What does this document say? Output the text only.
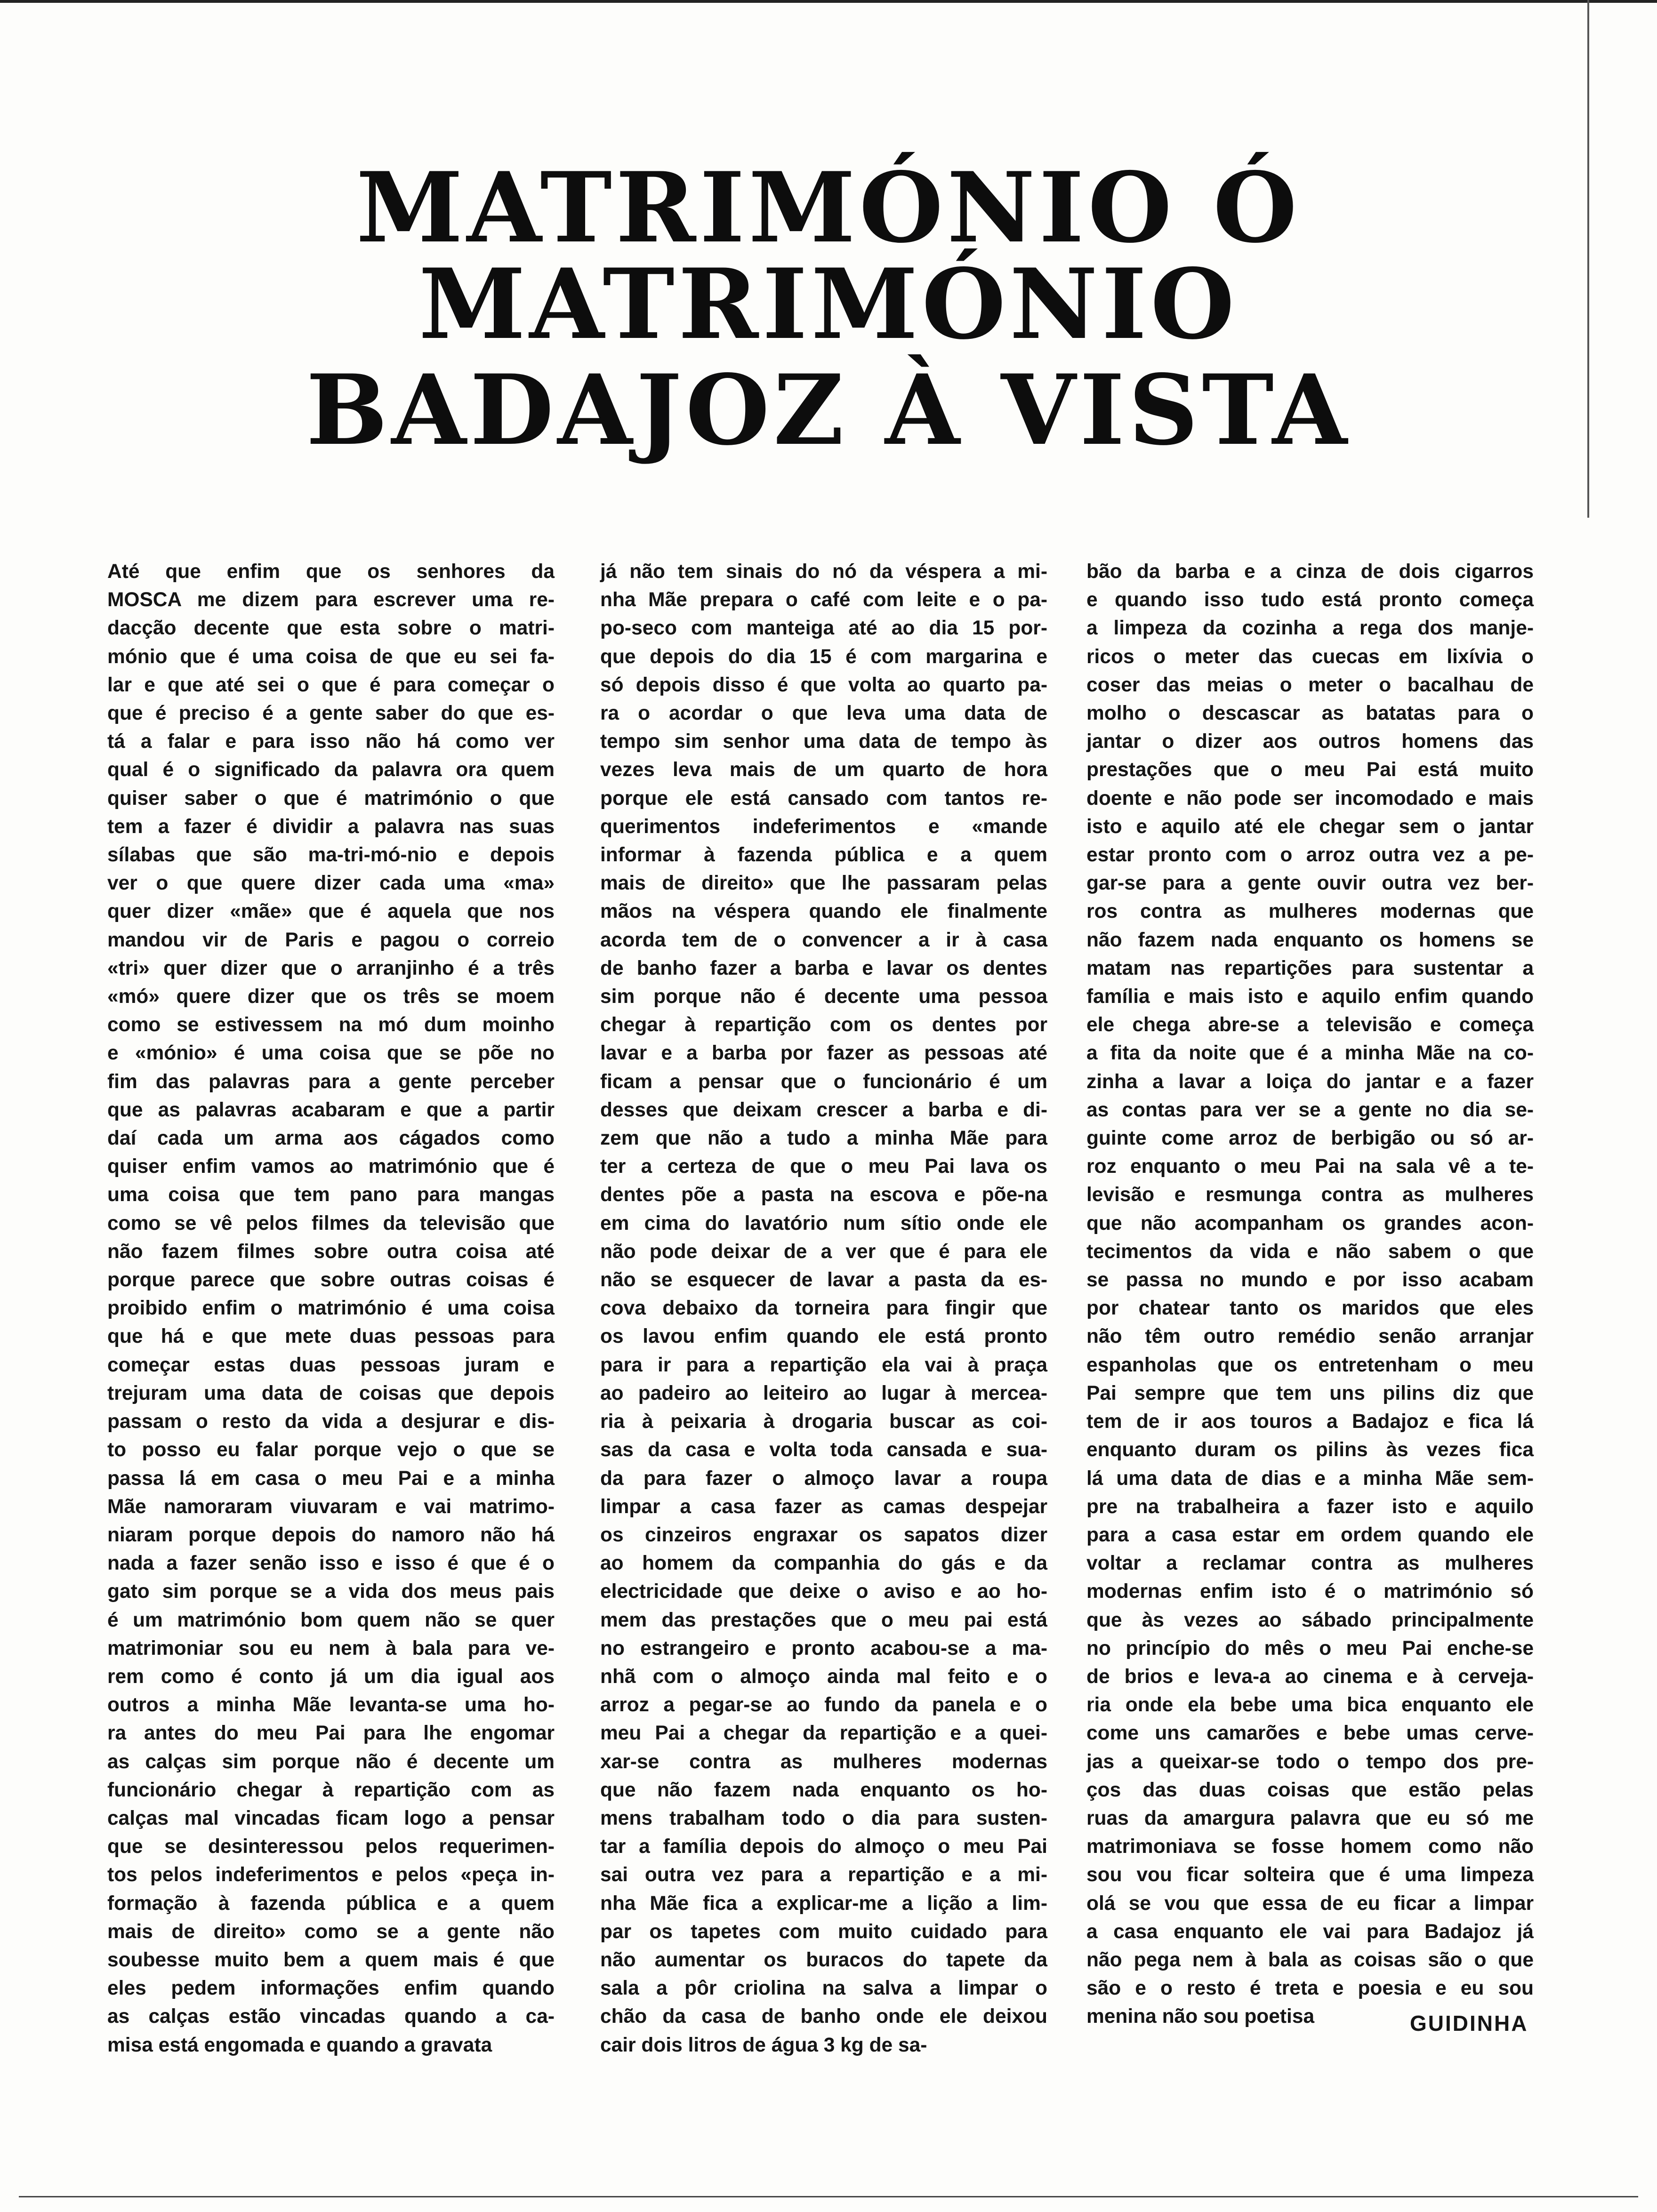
MATRIMÓNIO Ó MATRIMÓNIO
BADAJOZ À VISTA

Até que enfim que os senhores da

MOSCA me dizem para escrever uma re-

dacção decente que esta sobre o matri-

mónio que é uma coisa de que eu sei fa-

lar e que até sei o que é para começar o

que é preciso é a gente saber do que es-

tá a falar e para isso não há como ver

qual é o significado da palavra ora quem

quiser saber o que é matrimónio o que

tem a fazer é dividir a palavra nas suas

sílabas que são ma-tri-mó-nio e depois

ver o que quere dizer cada uma «ma»

quer dizer «mãe» que é aquela que nos

mandou vir de Paris e pagou o correio

«tri» quer dizer que o arranjinho é a três

«mó» quere dizer que os três se moem

como se estivessem na mó dum moinho

e «mónio» é uma coisa que se põe no

fim das palavras para a gente perceber

que as palavras acabaram e que a partir

daí cada um arma aos cágados como

quiser enfim vamos ao matrimónio que é

uma coisa que tem pano para mangas

como se vê pelos filmes da televisão que

não fazem filmes sobre outra coisa até

porque parece que sobre outras coisas é

proibido enfim o matrimónio é uma coisa

que há e que mete duas pessoas para

começar estas duas pessoas juram e

trejuram uma data de coisas que depois

passam o resto da vida a desjurar e dis-

to posso eu falar porque vejo o que se

passa lá em casa o meu Pai e a minha

Mãe namoraram viuvaram e vai matrimo-

niaram porque depois do namoro não há

nada a fazer senão isso e isso é que é o

gato sim porque se a vida dos meus pais

é um matrimónio bom quem não se quer

matrimoniar sou eu nem à bala para ve-

rem como é conto já um dia igual aos

outros a minha Mãe levanta-se uma ho-

ra antes do meu Pai para lhe engomar

as calças sim porque não é decente um

funcionário chegar à repartição com as

calças mal vincadas ficam logo a pensar

que se desinteressou pelos requerimen-

tos pelos indeferimentos e pelos «peça in-

formação à fazenda pública e a quem

mais de direito» como se a gente não

soubesse muito bem a quem mais é que

eles pedem informações enfim quando

as calças estão vincadas quando a ca-

misa está engomada e quando a gravata

já não tem sinais do nó da véspera a mi-

nha Mãe prepara o café com leite e o pa-

po-seco com manteiga até ao dia 15 por-

que depois do dia 15 é com margarina e

só depois disso é que volta ao quarto pa-

ra o acordar o que leva uma data de

tempo sim senhor uma data de tempo às

vezes leva mais de um quarto de hora

porque ele está cansado com tantos re-

querimentos indeferimentos e «mande

informar à fazenda pública e a quem

mais de direito» que lhe passaram pelas

mãos na véspera quando ele finalmente

acorda tem de o convencer a ir à casa

de banho fazer a barba e lavar os dentes

sim porque não é decente uma pessoa

chegar à repartição com os dentes por

lavar e a barba por fazer as pessoas até

ficam a pensar que o funcionário é um

desses que deixam crescer a barba e di-

zem que não a tudo a minha Mãe para

ter a certeza de que o meu Pai lava os

dentes põe a pasta na escova e põe-na

em cima do lavatório num sítio onde ele

não pode deixar de a ver que é para ele

não se esquecer de lavar a pasta da es-

cova debaixo da torneira para fingir que

os lavou enfim quando ele está pronto

para ir para a repartição ela vai à praça

ao padeiro ao leiteiro ao lugar à mercea-

ria à peixaria à drogaria buscar as coi-

sas da casa e volta toda cansada e sua-

da para fazer o almoço lavar a roupa

limpar a casa fazer as camas despejar

os cinzeiros engraxar os sapatos dizer

ao homem da companhia do gás e da

electricidade que deixe o aviso e ao ho-

mem das prestações que o meu pai está

no estrangeiro e pronto acabou-se a ma-

nhã com o almoço ainda mal feito e o

arroz a pegar-se ao fundo da panela e o

meu Pai a chegar da repartição e a quei-

xar-se contra as mulheres modernas

que não fazem nada enquanto os ho-

mens trabalham todo o dia para susten-

tar a família depois do almoço o meu Pai

sai outra vez para a repartição e a mi-

nha Mãe fica a explicar-me a lição a lim-

par os tapetes com muito cuidado para

não aumentar os buracos do tapete da

sala a pôr criolina na salva a limpar o

chão da casa de banho onde ele deixou

cair dois litros de água 3 kg de sa-

bão da barba e a cinza de dois cigarros

e quando isso tudo está pronto começa

a limpeza da cozinha a rega dos manje-

ricos o meter das cuecas em lixívia o

coser das meias o meter o bacalhau de

molho o descascar as batatas para o

jantar o dizer aos outros homens das

prestações que o meu Pai está muito

doente e não pode ser incomodado e mais

isto e aquilo até ele chegar sem o jantar

estar pronto com o arroz outra vez a pe-

gar-se para a gente ouvir outra vez ber-

ros contra as mulheres modernas que

não fazem nada enquanto os homens se

matam nas repartições para sustentar a

família e mais isto e aquilo enfim quando

ele chega abre-se a televisão e começa

a fita da noite que é a minha Mãe na co-

zinha a lavar a loiça do jantar e a fazer

as contas para ver se a gente no dia se-

guinte come arroz de berbigão ou só ar-

roz enquanto o meu Pai na sala vê a te-

levisão e resmunga contra as mulheres

que não acompanham os grandes acon-

tecimentos da vida e não sabem o que

se passa no mundo e por isso acabam

por chatear tanto os maridos que eles

não têm outro remédio senão arranjar

espanholas que os entretenham o meu

Pai sempre que tem uns pilins diz que

tem de ir aos touros a Badajoz e fica lá

enquanto duram os pilins às vezes fica

lá uma data de dias e a minha Mãe sem-

pre na trabalheira a fazer isto e aquilo

para a casa estar em ordem quando ele

voltar a reclamar contra as mulheres

modernas enfim isto é o matrimónio só

que às vezes ao sábado principalmente

no princípio do mês o meu Pai enche-se

de brios e leva-a ao cinema e à cerveja-

ria onde ela bebe uma bica enquanto ele

come uns camarões e bebe umas cerve-

jas a queixar-se todo o tempo dos pre-

ços das duas coisas que estão pelas

ruas da amargura palavra que eu só me

matrimoniava se fosse homem como não

sou vou ficar solteira que é uma limpeza

olá se vou que essa de eu ficar a limpar

a casa enquanto ele vai para Badajoz já

não pega nem à bala as coisas são o que

são e o resto é treta e poesia e eu sou

menina não sou poetisa	GUIDINHA
